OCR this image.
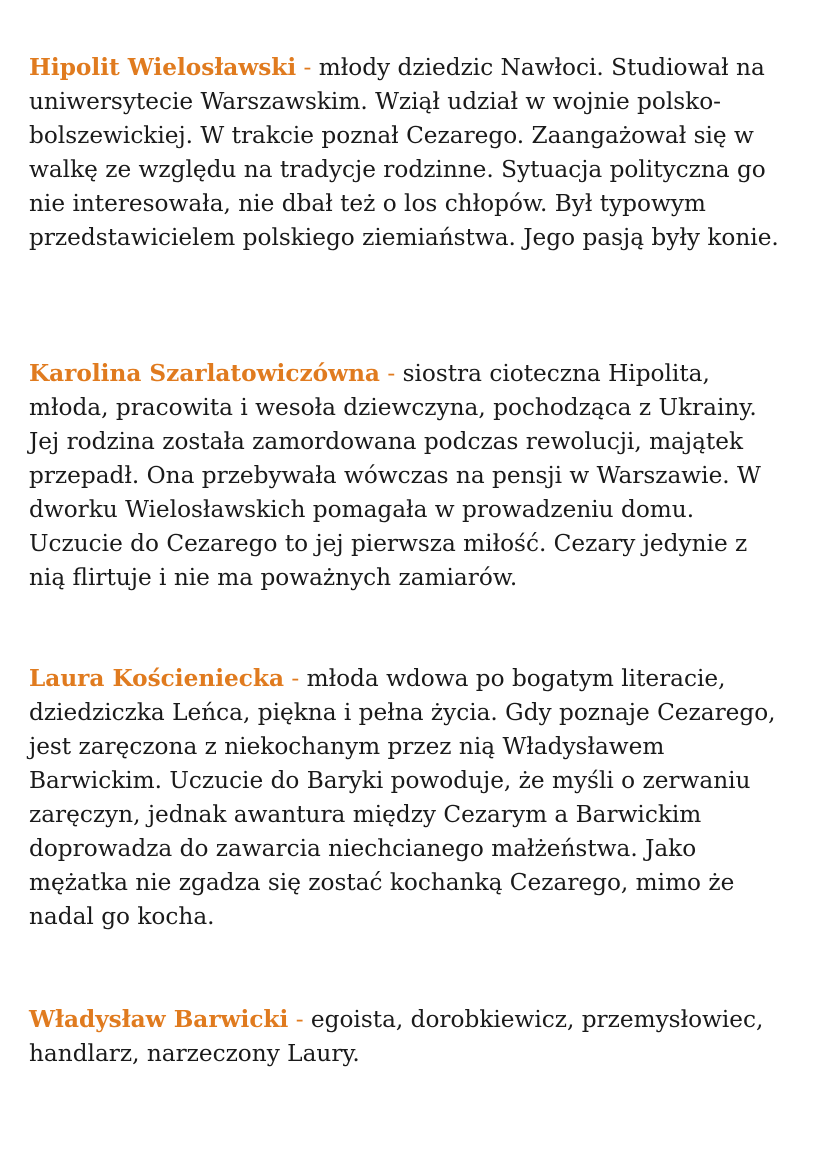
Hipolit Wielosławski - młody dziedzic Nawłoci. Studiował na
uniwersytecie Warszawskim. Wziął udział w wojnie polsko-
bolszewickiej. W trakcie poznał Cezarego. Zaangażował się w
walkę ze względu na tradycje rodzinne. Sytuacja polityczna go
nie interesowała, nie dbał też o los chłopów. Był typowym
przedstawicielem polskiego ziemiaństwa. Jego pasją były konie.

Karolina Szarlatowiczówna - siostra cioteczna Hipolita,
młoda, pracowita i wesoła dziewczyna, pochodząca z Ukrainy.
Jej rodzina została zamordowana podczas rewolucji, majątek
przepadł. Ona przebywała wówczas na pensji w Warszawie. W
dworku Wielosławskich pomagała w prowadzeniu domu.
Uczucie do Cezarego to jej pierwsza miłość. Cezary jedynie z
nią flirtuje i nie ma poważnych zamiarów.

Laura Kościeniecka - młoda wdowa po bogatym literacie,
dziedziczka Leńca, piękna i pełna życia. Gdy poznaje Cezarego,
jest zaręczona z niekochanym przez nią Władysławem
Barwickim. Uczucie do Baryki powoduje, że myśli o zerwaniu
zaręczyn, jednak awantura między Cezarym a Barwickim
doprowadza do zawarcia niechcianego małżeństwa. Jako
mężatka nie zgadza się zostać kochanką Cezarego, mimo że
nadal go kocha.

Władysław Barwicki - egoista, dorobkiewicz, przemysłowiec,
handlarz, narzeczony Laury.
